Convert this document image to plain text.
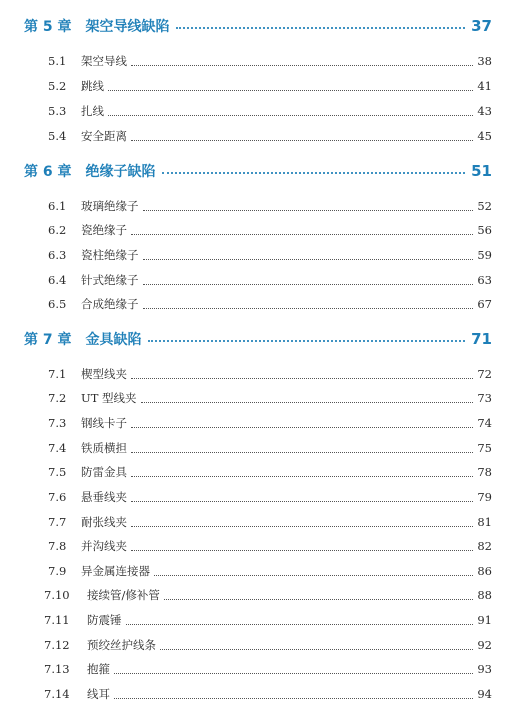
第 5 章 架空导线缺陷	37
5.1	架空导线	38
5.2	跳线	41
5.3	扎线	43
5.4	安全距离	45
第 6 章 绝缘子缺陷	51
6.1	玻璃绝缘子	52
6.2	瓷绝缘子	56
6.3	瓷柱绝缘子	59
6.4	针式绝缘子	63
6.5	合成绝缘子	67
第 7 章 金具缺陷	71
7.1	楔型线夹	72
7.2	UT 型线夹	73
7.3	钢线卡子	74
7.4	铁质横担	75
7.5	防雷金具	78
7.6	悬垂线夹	79
7.7	耐张线夹	81
7.8	并沟线夹	82
7.9	异金属连接器	86
7.10	接续管/修补管	88
7.11	防震锤	91
7.12	预绞丝护线条	92
7.13	抱箍	93
7.14	线耳	94
